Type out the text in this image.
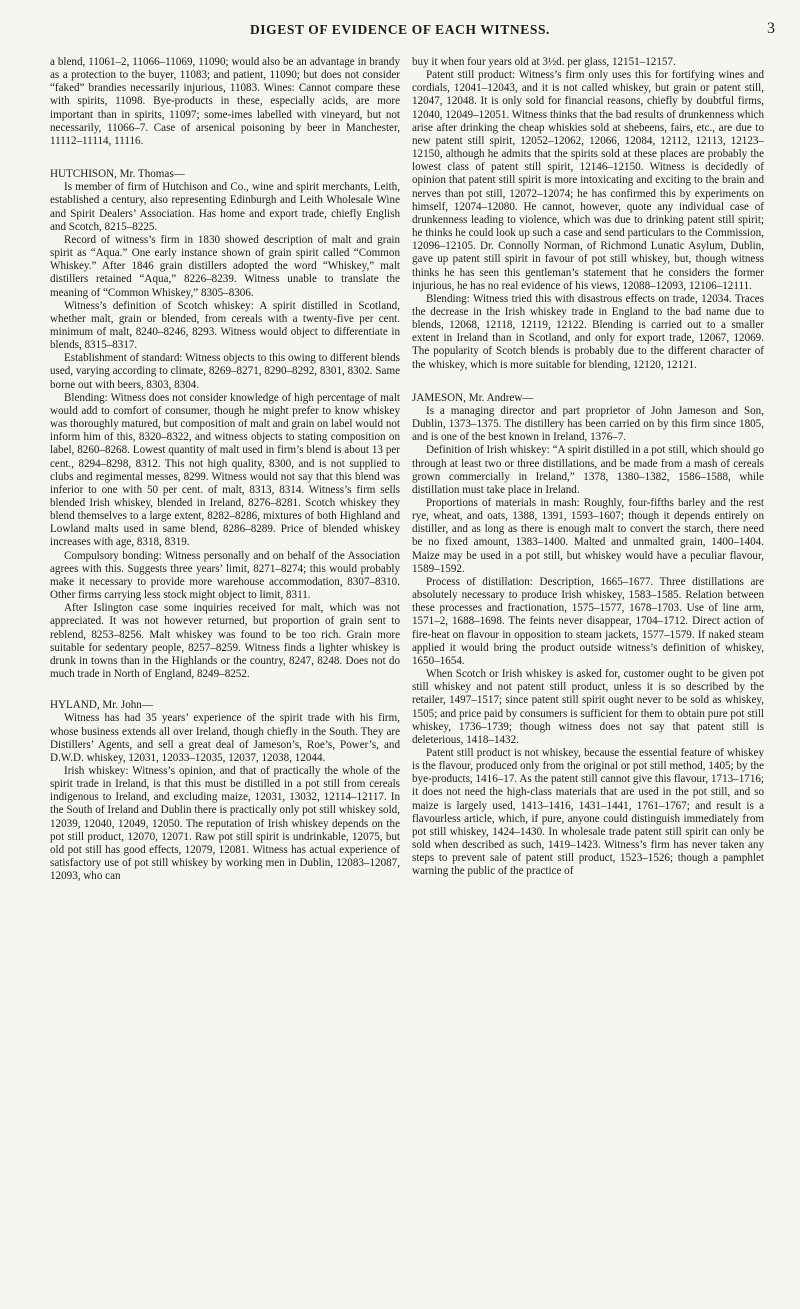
DIGEST OF EVIDENCE OF EACH WITNESS.	3

a blend, 11061–2, 11066–11069, 11090; would also be an advantage in brandy as a protection to the buyer, 11083; and patient, 11090; but does not consider “faked” brandies necessarily injurious, 11083. Wines: Cannot compare these with spirits, 11098. Bye-products in these, especially acids, are more important than in spirits, 11097; some-imes labelled with vineyard, but not necessarily, 11066–7. Case of arsenical poisoning by beer in Manchester, 11112–11114, 11116.

HUTCHISON, Mr. Thomas—

Is member of firm of Hutchison and Co., wine and spirit merchants, Leith, established a century, also representing Edinburgh and Leith Wholesale Wine and Spirit Dealers’ Association. Has home and export trade, chiefly English and Scotch, 8215–8225.

Record of witness’s firm in 1830 showed description of malt and grain spirit as “Aqua.” One early instance shown of grain spirit called “Common Whiskey.” After 1846 grain distillers adopted the word “Whiskey,” malt distillers retained “Aqua,” 8226–8239. Witness unable to translate the meaning of “Common Whiskey,” 8305–8306.

Witness’s definition of Scotch whiskey: A spirit distilled in Scotland, whether malt, grain or blended, from cereals with a twenty-five per cent. minimum of malt, 8240–8246, 8293. Witness would object to differentiate in blends, 8315–8317.

Establishment of standard: Witness objects to this owing to different blends used, varying according to climate, 8269–8271, 8290–8292, 8301, 8302. Same borne out with beers, 8303, 8304.

Blending: Witness does not consider knowledge of high percentage of malt would add to comfort of consumer, though he might prefer to know whiskey was thoroughly matured, but composition of malt and grain on label would not inform him of this, 8320–8322, and witness objects to stating composition on label, 8260–8268. Lowest quantity of malt used in firm’s blend is about 13 per cent., 8294–8298, 8312. This not high quality, 8300, and is not supplied to clubs and regimental messes, 8299. Witness would not say that this blend was inferior to one with 50 per cent. of malt, 8313, 8314. Witness’s firm sells blended Irish whiskey, blended in Ireland, 8276–8281. Scotch whiskey they blend themselves to a large extent, 8282–8286, mixtures of both Highland and Lowland malts used in same blend, 8286–8289. Price of blended whiskey increases with age, 8318, 8319.

Compulsory bonding: Witness personally and on behalf of the Association agrees with this. Suggests three years’ limit, 8271–8274; this would probably make it necessary to provide more warehouse accommodation, 8307–8310. Other firms carrying less stock might object to limit, 8311.

After Islington case some inquiries received for malt, which was not appreciated. It was not however returned, but proportion of grain sent to reblend, 8253–8256. Malt whiskey was found to be too rich. Grain more suitable for sedentary people, 8257–8259. Witness finds a lighter whiskey is drunk in towns than in the Highlands or the country, 8247, 8248. Does not do much trade in North of England, 8249–8252.

HYLAND, Mr. John—

Witness has had 35 years’ experience of the spirit trade with his firm, whose business extends all over Ireland, though chiefly in the South. They are Distillers’ Agents, and sell a great deal of Jameson’s, Roe’s, Power’s, and D.W.D. whiskey, 12031, 12033–12035, 12037, 12038, 12044.

Irish whiskey: Witness’s opinion, and that of practically the whole of the spirit trade in Ireland, is that this must be distilled in a pot still from cereals indigenous to Ireland, and excluding maize, 12031, 13032, 12114–12117. In the South of Ireland and Dublin there is practically only pot still whiskey sold, 12039, 12040, 12049, 12050. The reputation of Irish whiskey depends on the pot still product, 12070, 12071. Raw pot still spirit is undrinkable, 12075, but old pot still has good effects, 12079, 12081. Witness has actual experience of satisfactory use of pot still whiskey by working men in Dublin, 12083–12087, 12093, who can

buy it when four years old at 3½d. per glass, 12151–12157.

Patent still product: Witness’s firm only uses this for fortifying wines and cordials, 12041–12043, and it is not called whiskey, but grain or patent still, 12047, 12048. It is only sold for financial reasons, chiefly by doubtful firms, 12040, 12049–12051. Witness thinks that the bad results of drunkenness which arise after drinking the cheap whiskies sold at shebeens, fairs, etc., are due to new patent still spirit, 12052–12062, 12066, 12084, 12112, 12113, 12123–12150, although he admits that the spirits sold at these places are probably the lowest class of patent still spirit, 12146–12150. Witness is decidedly of opinion that patent still spirit is more intoxicating and exciting to the brain and nerves than pot still, 12072–12074; he has confirmed this by experiments on himself, 12074–12080. He cannot, however, quote any individual case of drunkenness leading to violence, which was due to drinking patent still spirit; he thinks he could look up such a case and send particulars to the Commission, 12096–12105. Dr. Connolly Norman, of Richmond Lunatic Asylum, Dublin, gave up patent still spirit in favour of pot still whiskey, but, though witness thinks he has seen this gentleman’s statement that he considers the former injurious, he has no real evidence of his views, 12088–12093, 12106–12111.

Blending: Witness tried this with disastrous effects on trade, 12034. Traces the decrease in the Irish whiskey trade in England to the bad name due to blends, 12068, 12118, 12119, 12122. Blending is carried out to a smaller extent in Ireland than in Scotland, and only for export trade, 12067, 12069. The popularity of Scotch blends is probably due to the different character of the whiskey, which is more suitable for blending, 12120, 12121.

JAMESON, Mr. Andrew—

Is a managing director and part proprietor of John Jameson and Son, Dublin, 1373–1375. The distillery has been carried on by this firm since 1805, and is one of the best known in Ireland, 1376–7.

Definition of Irish whiskey: “A spirit distilled in a pot still, which should go through at least two or three distillations, and be made from a mash of cereals grown commercially in Ireland,” 1378, 1380–1382, 1586–1588, while distillation must take place in Ireland.

Proportions of materials in mash: Roughly, four-fifths barley and the rest rye, wheat, and oats, 1388, 1391, 1593–1607; though it depends entirely on distiller, and as long as there is enough malt to convert the starch, there need be no fixed amount, 1383–1400. Malted and unmalted grain, 1400–1404. Maize may be used in a pot still, but whiskey would have a peculiar flavour, 1589–1592.

Process of distillation: Description, 1665–1677. Three distillations are absolutely necessary to produce Irish whiskey, 1583–1585. Relation between these processes and fractionation, 1575–1577, 1678–1703. Use of line arm, 1571–2, 1688–1698. The feints never disappear, 1704–1712. Direct action of fire-heat on flavour in opposition to steam jackets, 1577–1579. If naked steam applied it would bring the product outside witness’s definition of whiskey, 1650–1654.

When Scotch or Irish whiskey is asked for, customer ought to be given pot still whiskey and not patent still product, unless it is so described by the retailer, 1497–1517; since patent still spirit ought never to be sold as whiskey, 1505; and price paid by consumers is sufficient for them to obtain pure pot still whiskey, 1736–1739; though witness does not say that patent still is deleterious, 1418–1432.

Patent still product is not whiskey, because the essential feature of whiskey is the flavour, produced only from the original or pot still method, 1405; by the bye-products, 1416–17. As the patent still cannot give this flavour, 1713–1716; it does not need the high-class materials that are used in the pot still, and so maize is largely used, 1413–1416, 1431–1441, 1761–1767; and result is a flavourless article, which, if pure, anyone could distinguish immediately from pot still whiskey, 1424–1430. In wholesale trade patent still spirit can only be sold when described as such, 1419–1423. Witness’s firm has never taken any steps to prevent sale of patent still product, 1523–1526; though a pamphlet warning the public of the practice of
